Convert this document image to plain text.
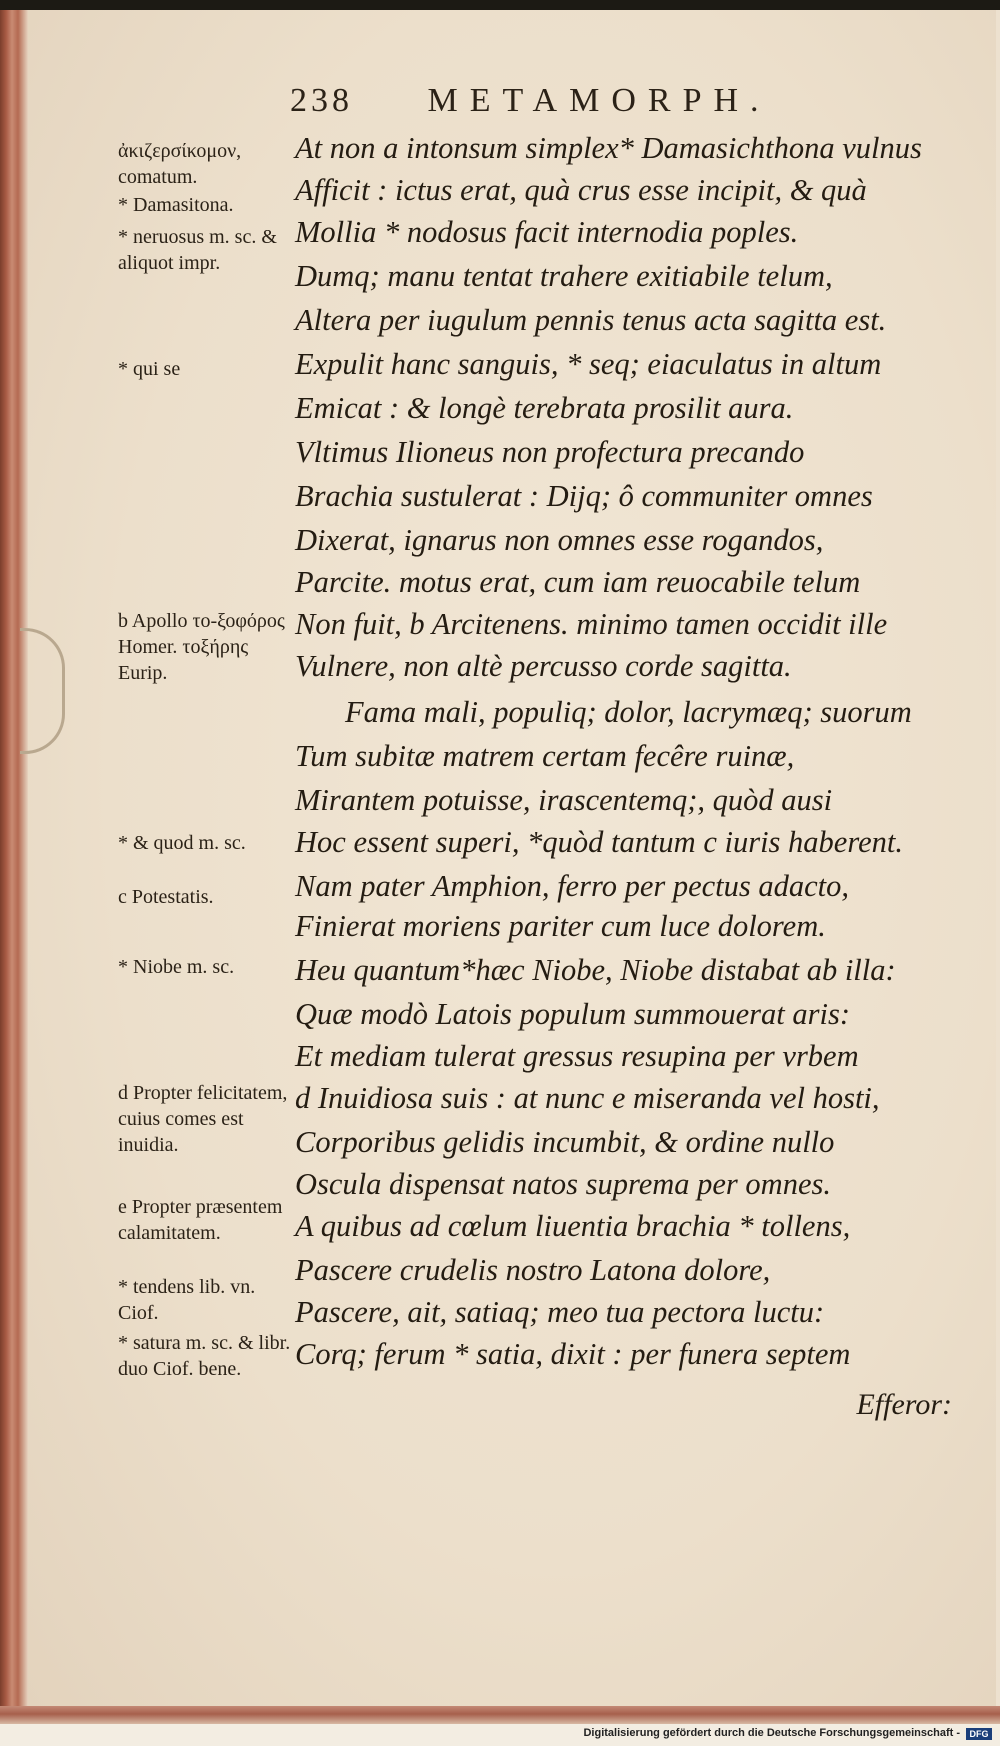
238 METAMORPH.
ἀκιζερσίκομον, comatum.
* Damasitona.
* neruosus m. sc. & aliquot impr.
* qui se
b Apollo το-ξοφόρος Homer. τοξήρης Eurip.
* & quod m. sc.
c Potestatis.
* Niobe m. sc.
d Propter felicitatem, cuius comes est inuidia.
e Propter præsentem calamitatem.
* tendens lib. vn. Ciof.
* satura m. sc. & libr. duo Ciof. bene.
At non a intonsum simplex* Damasichthona vulnus
Afficit : ictus erat, quà crus esse incipit, & quà
Mollia * nodosus facit internodia poples.
Dumq; manu tentat trahere exitiabile telum,
Altera per iugulum pennis tenus acta sagitta est.
Expulit hanc sanguis, * seq; eiaculatus in altum
Emicat : & longè terebrata prosilit aura.
Vltimus Ilioneus non profectura precando
Brachia sustulerat : Dijq; ô communiter omnes
Dixerat, ignarus non omnes esse rogandos,
Parcite. motus erat, cum iam reuocabile telum
Non fuit, b Arcitenens. minimo tamen occidit ille
Vulnere, non altè percusso corde sagitta.
Fama mali, populiq; dolor, lacrymæq; suorum
Tum subitæ matrem certam fecêre ruinæ,
Mirantem potuisse, irascentemq;, quòd ausi
Hoc essent superi, *quòd tantum c iuris haberent.
Nam pater Amphion, ferro per pectus adacto,
Finierat moriens pariter cum luce dolorem.
Heu quantum*hæc Niobe, Niobe distabat ab illa:
Quæ modò Latois populum summouerat aris:
Et mediam tulerat gressus resupina per vrbem
d Inuidiosa suis : at nunc e miseranda vel hosti,
Corporibus gelidis incumbit, & ordine nullo
Oscula dispensat natos suprema per omnes.
A quibus ad cœlum liuentia brachia * tollens,
Pascere crudelis nostro Latona dolore,
Pascere, ait, satiaq; meo tua pectora luctu:
Corq; ferum * satia, dixit : per funera septem
Efferor:
Digitalisierung gefördert durch die Deutsche Forschungsgemeinschaft -	DFG
